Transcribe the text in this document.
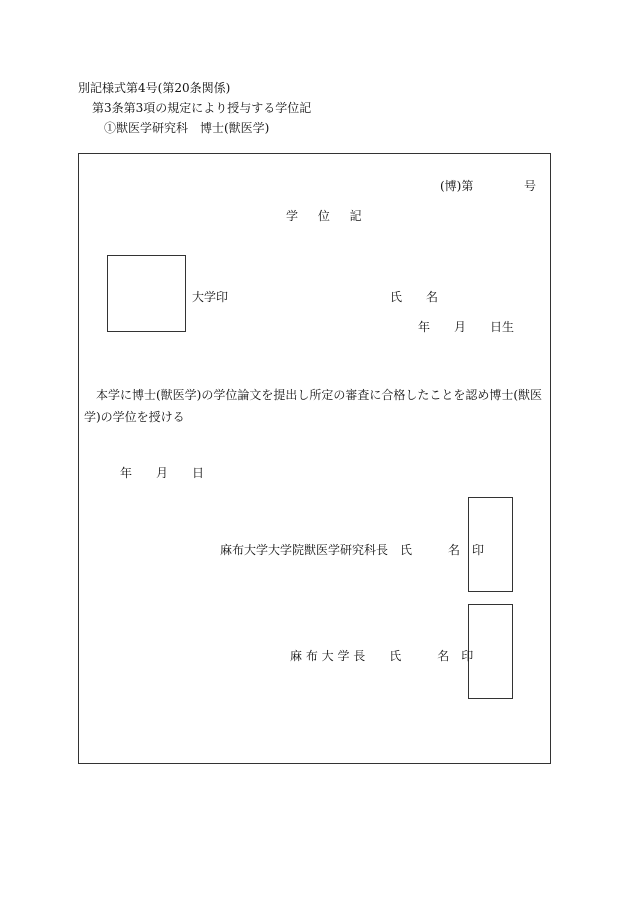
別記様式第4号(第20条関係)
第3条第3項の規定により授与する学位記
①獣医学研究科　博士(獣医学)
(博)第	号
学 位 記
大学印	氏　　名
年　　月　　日生
本学に博士(獣医学)の学位論文を提出し所定の審査に合格したことを認め博士(獣医学)の学位を授ける
年　　月　　日
麻布大学大学院獣医学研究科長　氏　　　名　印
麻 布 大 学 長　　氏　　　名　印
